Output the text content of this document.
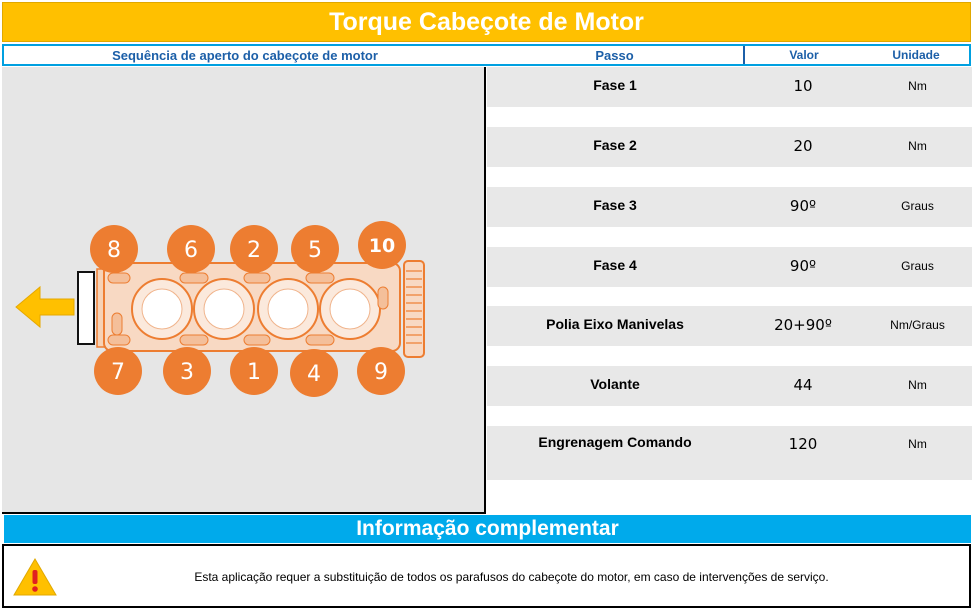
Torque Cabeçote de Motor
Sequência de aperto do cabeçote de motor	Passo	Valor	Unidade
8	6 2 5 10
7	3 1 4 9
Fase 1	10	Nm
Fase 2	20	Nm
Fase 3	90º	Graus
Fase 4	90º	Graus
Polia Eixo Manivelas	20+90º	Nm/Graus
Volante	44	Nm
Engrenagem Comando	120	Nm
Informação complementar
Esta aplicação requer a substituição de todos os parafusos do cabeçote do motor, em caso de intervenções de serviço.
